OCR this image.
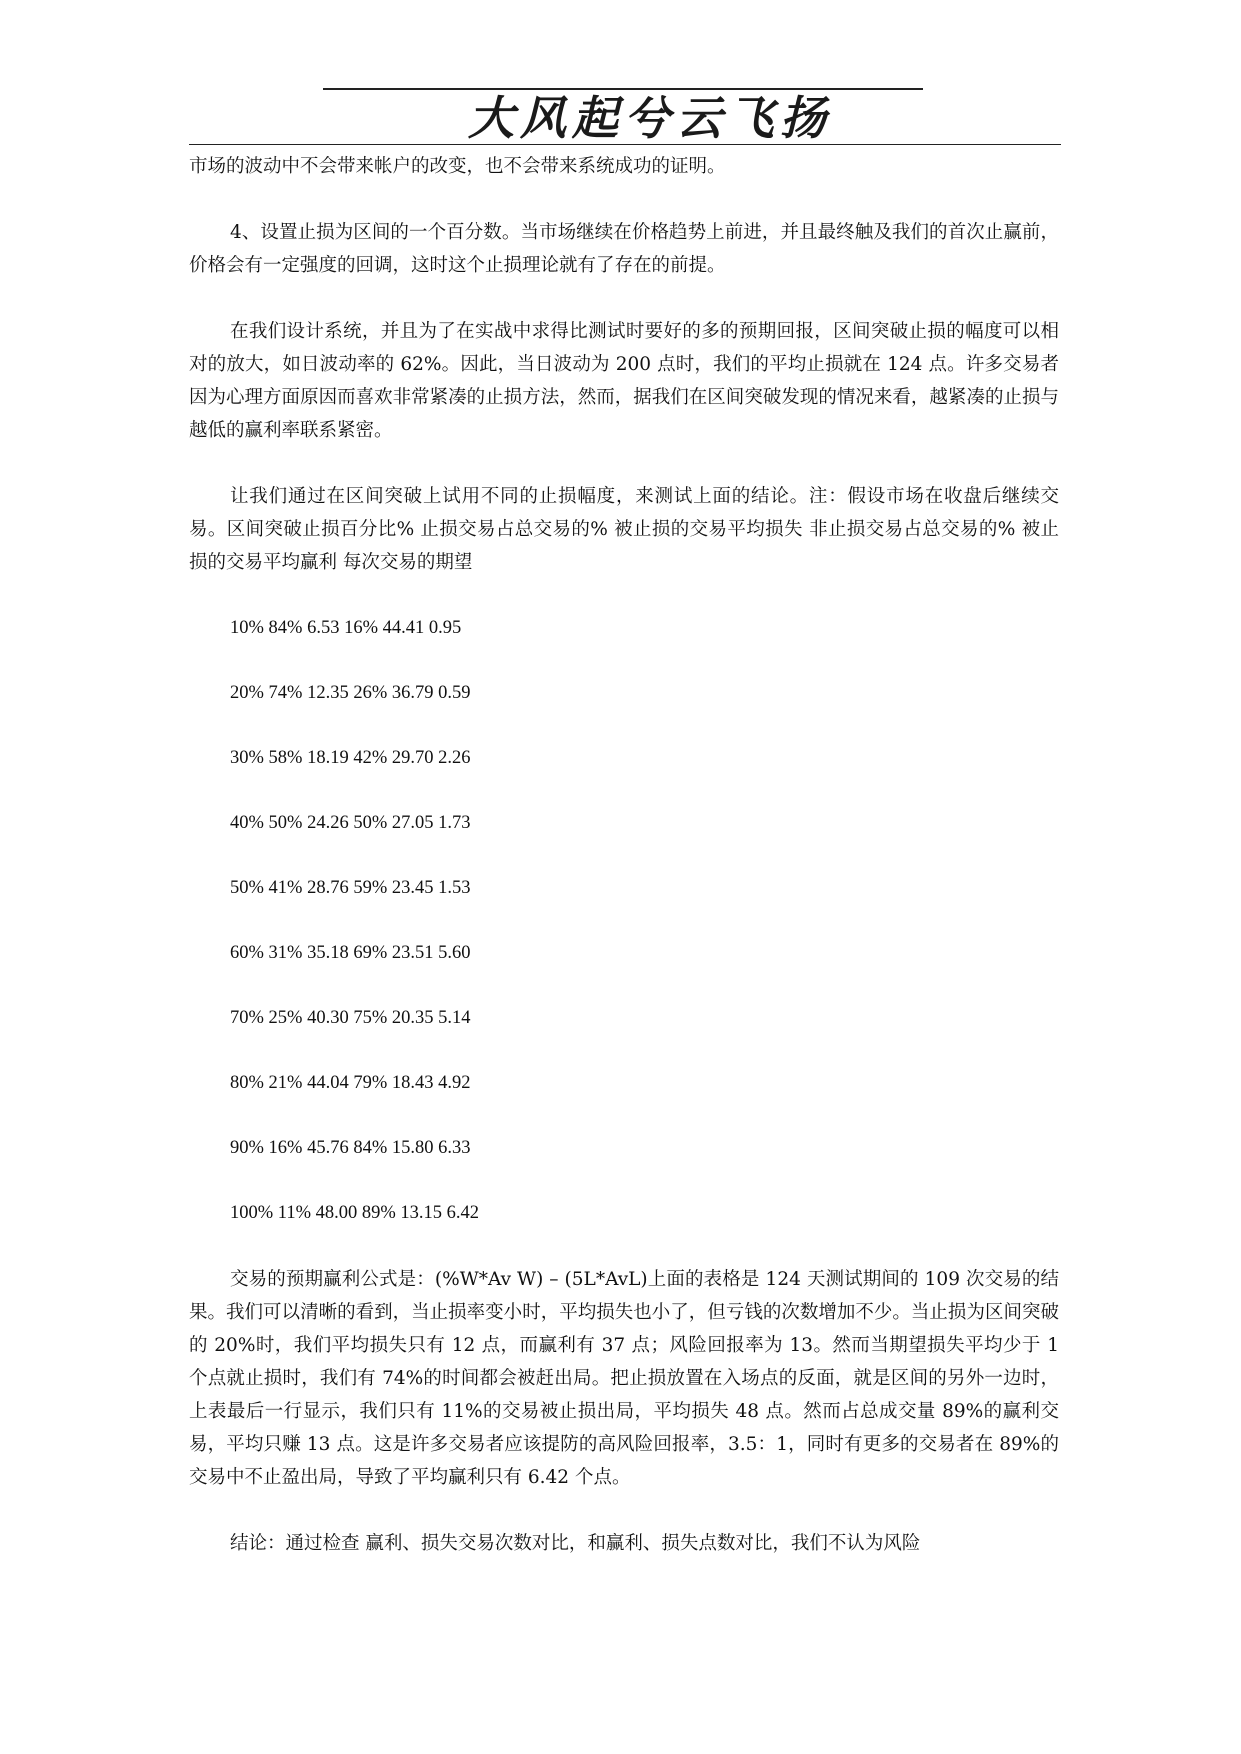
大风起兮云飞扬

市场的波动中不会带来帐户的改变，也不会带来系统成功的证明。

4、设置止损为区间的一个百分数。当市场继续在价格趋势上前进，并且最终触及我们的首次止赢前，价格会有一定强度的回调，这时这个止损理论就有了存在的前提。

在我们设计系统，并且为了在实战中求得比测试时要好的多的预期回报，区间突破止损的幅度可以相对的放大，如日波动率的 62%。因此，当日波动为 200 点时，我们的平均止损就在 124 点。许多交易者因为心理方面原因而喜欢非常紧凑的止损方法，然而，据我们在区间突破发现的情况来看，越紧凑的止损与越低的赢利率联系紧密。

让我们通过在区间突破上试用不同的止损幅度，来测试上面的结论。注：假设市场在收盘后继续交易。区间突破止损百分比% 止损交易占总交易的% 被止损的交易平均损失 非止损交易占总交易的% 被止损的交易平均赢利 每次交易的期望

10% 84% 6.53 16% 44.41 0.95
20% 74% 12.35 26% 36.79 0.59
30% 58% 18.19 42% 29.70 2.26
40% 50% 24.26 50% 27.05 1.73
50% 41% 28.76 59% 23.45 1.53
60% 31% 35.18 69% 23.51 5.60
70% 25% 40.30 75% 20.35 5.14
80% 21% 44.04 79% 18.43 4.92
90% 16% 45.76 84% 15.80 6.33
100% 11% 48.00 89% 13.15 6.42

交易的预期赢利公式是：(%W*Av W) – (5L*AvL)上面的表格是 124 天测试期间的 109 次交易的结果。我们可以清晰的看到，当止损率变小时，平均损失也小了，但亏钱的次数增加不少。当止损为区间突破的 20%时，我们平均损失只有 12 点，而赢利有 37 点；风险回报率为 13。然而当期望损失平均少于 1 个点就止损时，我们有 74%的时间都会被赶出局。把止损放置在入场点的反面，就是区间的另外一边时，上表最后一行显示，我们只有 11%的交易被止损出局，平均损失 48 点。然而占总成交量 89%的赢利交易，平均只赚 13 点。这是许多交易者应该提防的高风险回报率，3.5：1，同时有更多的交易者在 89%的交易中不止盈出局，导致了平均赢利只有 6.42 个点。

结论：通过检查 赢利、损失交易次数对比，和赢利、损失点数对比，我们不认为风险
